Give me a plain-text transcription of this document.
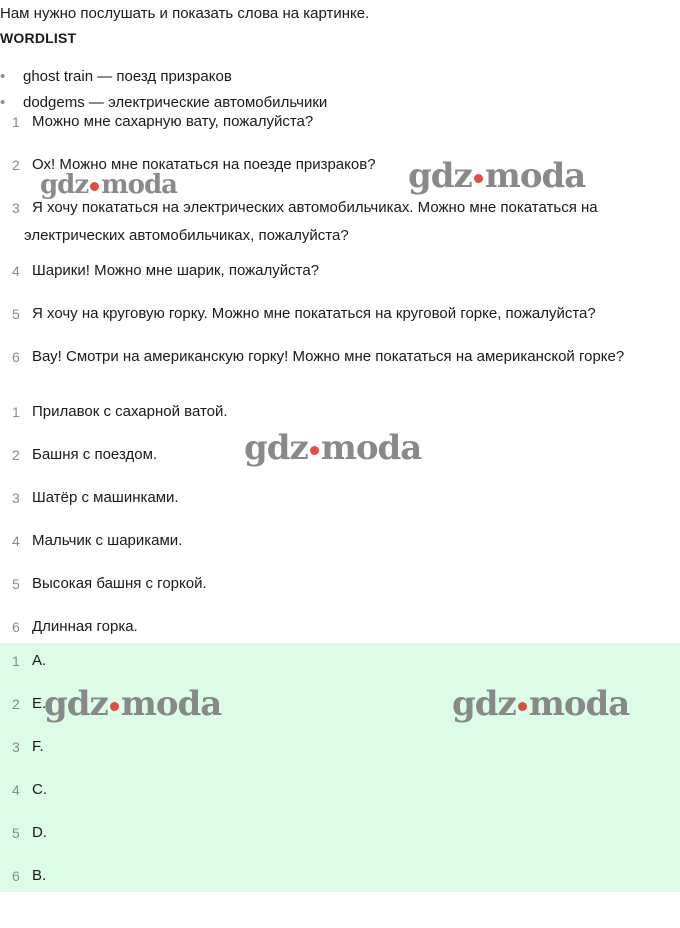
Нам нужно послушать и показать слова на картинке.
WORDLIST
• ghost train — поезд призраков
• dodgems — электрические автомобильчики
1 Можно мне сахарную вату, пожалуйста?
2 Ох! Можно мне покататься на поезде призраков?
3 Я хочу покататься на электрических автомобильчиках. Можно мне покататься на электрических автомобильчиках, пожалуйста?
4 Шарики! Можно мне шарик, пожалуйста?
5 Я хочу на круговую горку. Можно мне покататься на круговой горке, пожалуйста?
6 Вау! Смотри на американскую горку! Можно мне покататься на американской горке?
1 Прилавок с сахарной ватой.
2 Башня с поездом.
3 Шатёр с машинками.
4 Мальчик с шариками.
5 Высокая башня с горкой.
6 Длинная горка.
1 A.
2 E.
3 F.
4 C.
5 D.
6 B.
gdz moda	gdz moda
gdz moda
gdz moda	gdz moda
